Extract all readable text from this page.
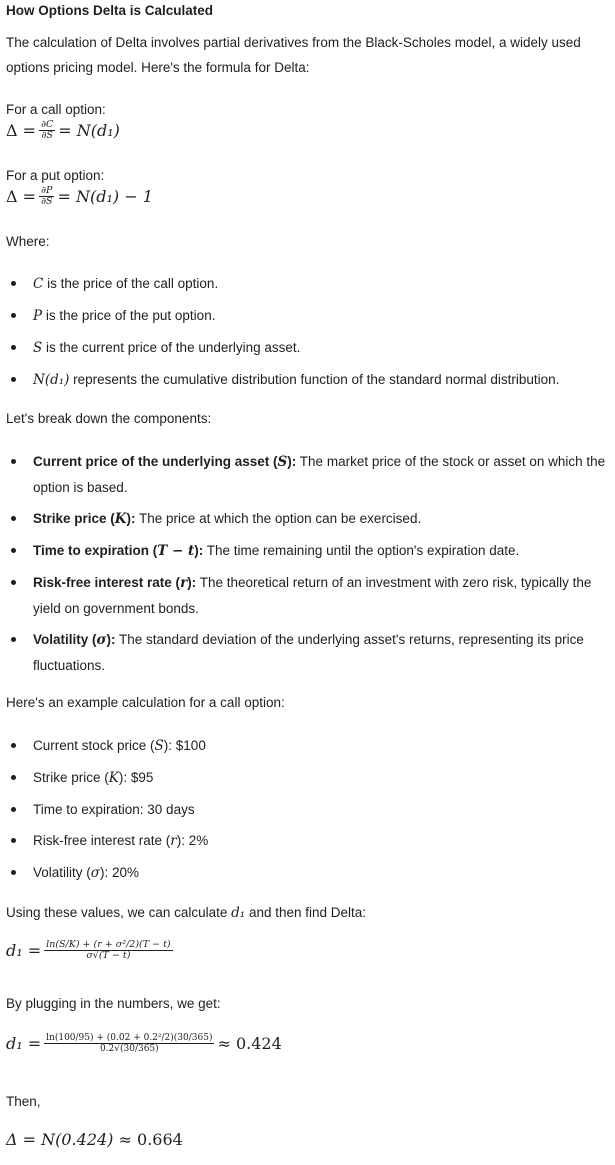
How Options Delta is Calculated
The calculation of Delta involves partial derivatives from the Black-Scholes model, a widely used options pricing model. Here's the formula for Delta:
For a call option:
Δ
= $\frac{\partial C}{\partial S} = N(d_1)$
For a put option:
Δ
= $\frac{\partial P}{\partial S} = N(d_1) - 1$
Where:
C is the price of the call option.
P is the price of the put option.
S is the current price of the underlying asset.
N(d₁) represents the cumulative distribution function of the standard normal distribution.
Let's break down the components:
Current price of the underlying asset (S): The market price of the stock or asset on which the option is based.
Strike price (K): The price at which the option can be exercised.
Time to expiration (T − t): The time remaining until the option's expiration date.
Risk-free interest rate (r): The theoretical return of an investment with zero risk, typically the yield on government bonds.
Volatility (σ): The standard deviation of the underlying asset's returns, representing its price fluctuations.
Here's an example calculation for a call option:
Current stock price (S): $100
Strike price (K): $95
Time to expiration: 30 days
Risk-free interest rate (r): 2%
Volatility (σ): 20%
Using these values, we can calculate d₁ and then find Delta:
$d_1 = \frac{\text{ln(S/K) + (r + σ²/2)(T − t)}}{\sigma√(T - t)}$
By plugging in the numbers, we get:
$d_1 = \frac{\text{ln(100/95) + (0.02 + 0.2²/2)(30/365)}}{0.2√(30/365)} \approx 0.424$
Then,
Δ = N(0.424)
≈ 0.664
